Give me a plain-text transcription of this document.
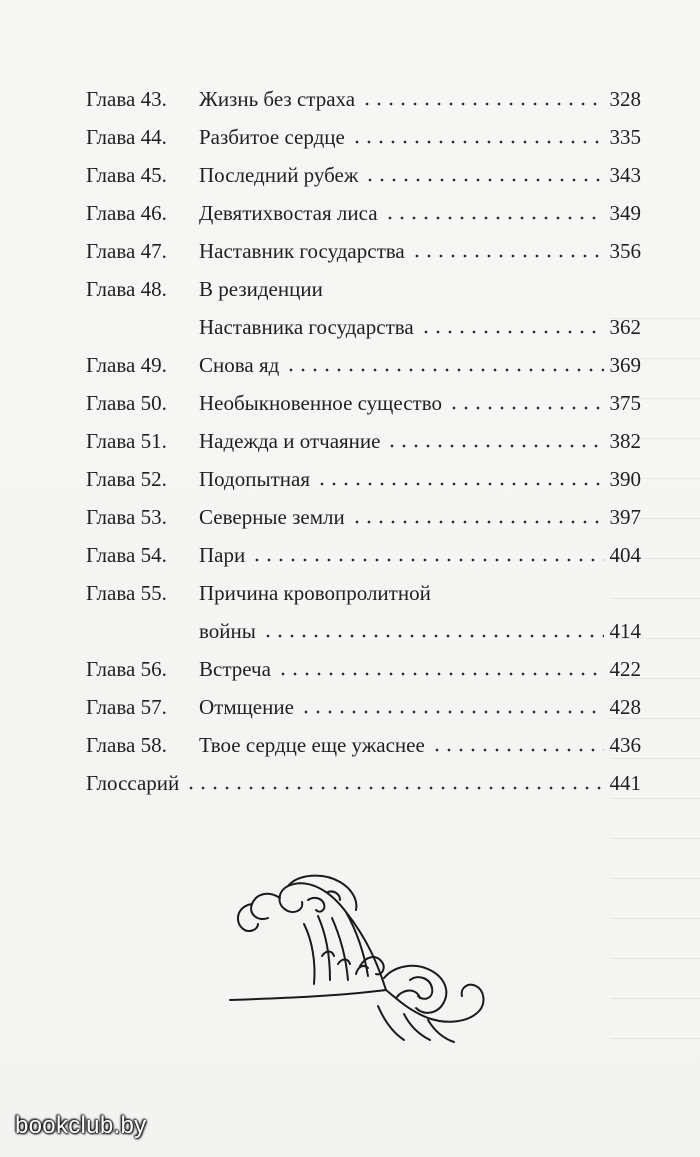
Глава 43.	Жизнь без страха	328
Глава 44.	Разбитое сердце	335
Глава 45.	Последний рубеж	343
Глава 46.	Девятихвостая лиса	349
Глава 47.	Наставник государства	356
Глава 48.	В резиденции
Наставника государства	362
Глава 49.	Снова яд	369
Глава 50.	Необыкновенное существо	375
Глава 51.	Надежда и отчаяние	382
Глава 52.	Подопытная	390
Глава 53.	Северные земли	397
Глава 54.	Пари	404
Глава 55.	Причина кровопролитной
войны	414
Глава 56.	Встреча	422
Глава 57.	Отмщение	428
Глава 58.	Твое сердце еще ужаснее	436
Глоссарий	441
bookclub.by
